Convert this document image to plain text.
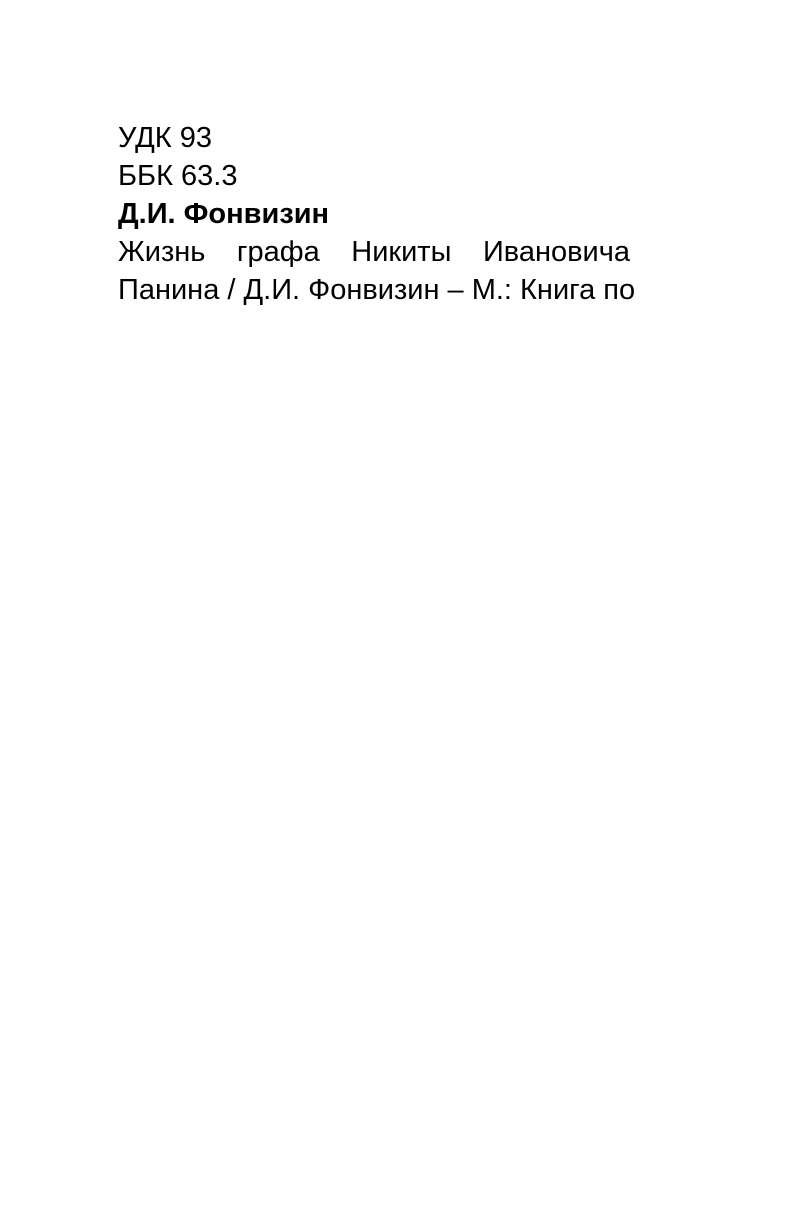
УДК 93
ББК 63.3
Д.И. Фонвизин
Жизнь графа Никиты Ивановича
Панина / Д.И. Фонвизин – М.: Книга по
